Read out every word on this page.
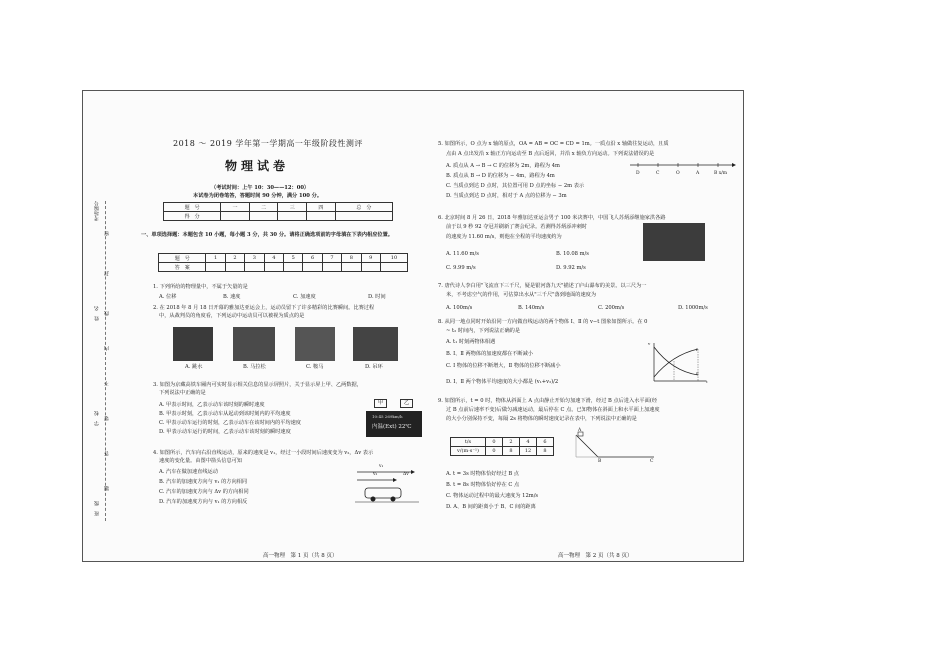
考场编号
姓　名
学　校
班　级
密
封
线
内
不
要
答
题
2018 ～ 2019 学年第一学期高一年级阶段性测评
物理试卷
（考试时间：上午 10：30——12：00）
本试卷为闭卷笔答，答题时间 90 分钟，满分 100 分。
题　号	一	二	三	四	总　分
得　分					
一、单项选择题：本题包含 10 小题，每小题 3 分，共 30 分。请将正确选项前的字母填在下表内相应位置。
题　号	1	2	3	4	5	6	7	8	9	10
答　案										
1. 下列所给的物理量中，不属于矢量的是
A. 位移	B. 速度	C. 加速度	D. 时间
2. 在 2018 年 8 月 18 日开幕的雅加达亚运会上，运动员留下了许多精彩的比赛瞬间。比赛过程
中，从裁判员的角度看，下列运动中运动员可以被视为质点的是
A. 跳水	B. 马拉松	C. 鞍马	D. 吊环
3. 如图为京藏高铁车厢内可实时显示相关信息的显示屏照片，关于显示屏上甲、乙两数据，
下列说法中正确的是
A. 甲表示时间，乙表示动车该时刻的瞬时速度
B. 甲表示时刻，乙表示动车从起动到该时刻内的平均速度
C. 甲表示动车运行的时刻，乙表示动车在该时间内的平均速度
D. 甲表示动车运行的时间，乙表示动车该时刻的瞬时速度
甲	乙
10:45 269km/h
内温(Ext) 22℃
4. 如图所示，汽车向右沿直线运动，原来的速度是 v₁，经过一小段时间后速度变为 v₂，Δv 表示
速度的变化量。由图中箭头信息可知
A. 汽车在做加速直线运动
B. 汽车的加速度方向与 v₁ 的方向相同
C. 汽车的加速度方向与 Δv 的方向相同
D. 汽车的加速度方向与 v₁ 的方向相反
v₁
v₂	Δv
高一物理　第 1 页（共 8 页）
5. 如图所示，O 点为 x 轴的原点，OA = AB = OC = CD = 1m。一质点沿 x 轴做往复运动，且质
点由 A 点出发沿 x 轴正方向运动至 B 点后返回，并沿 x 轴负方向运动。下列说法错误的是
A. 质点从 A → B → C 的位移为 2m，路程为 4m
B. 质点从 B → D 的位移为 − 4m，路程为 4m
C. 当质点到达 D 点时，其位置可用 D 点的坐标 − 2m 表示
D. 当质点到达 D 点时，相对于 A 点的位移为 − 3m
D	C	O	A	B x/m
6. 北京时间 8 月 26 日，2018 年雅加达亚运会男子 100 米决赛中，中国飞人苏炳添继施家洪各路
前于以 9 秒 92 夺冠并刷新了赛会纪录。若测得苏炳添冲刺时
的速度为 11.60 m/s，则他在全程的平均速度约为
A. 11.60 m/s	B. 10.08 m/s
C. 9.99 m/s	D. 9.92 m/s
7. 唐代诗人李白用"飞流直下三千尺，疑是银河落九天"描述了庐山瀑布的美景。以三尺为一
米，不考虑空气的作用，可估算出水从"三千尺"落到地面的速度为
A. 100m/s	B. 140m/s	C. 200m/s	D. 1000m/s
8. 从同一地点同时开始沿同一方向做直线运动的两个物体 Ⅰ、Ⅱ 的 v−t 图象如图所示。在 0
~ t₂ 时间内，下列说法正确的是
A. t₁ 时刻两物体相遇
B. Ⅰ、Ⅱ 两物体的加速度都在不断减小
C. Ⅰ 物体的位移不断增大，Ⅱ 物体的位移不断减小
D. Ⅰ、Ⅱ 两个物体平均速度的大小都是 (v₁+v₂)/2
v
t
Ⅰ
Ⅱ
9. 如图所示，t = 0 时，物体从斜面上 A 点由静止开始匀加速下滑，经过 B 点后进入水平面(经
过 B 点前后速率不变)后做匀减速运动，最后停在 C 点。已知物体在斜面上和水平面上加速度
的大小分别保持不变，每隔 2s 将物体的瞬时速度记录在表中，下列说法中正确的是
t/s	0	2	4	6
v/(m·s⁻¹)	0	8	12	8
A
B	C
A. t = 3s 时物体恰好经过 B 点
B. t = 8s 时物体恰好停在 C 点
C. 物体运动过程中的最大速度为 12m/s
D. A、B 间的距离小于 B、C 间的距离
高一物理　第 2 页（共 8 页）
